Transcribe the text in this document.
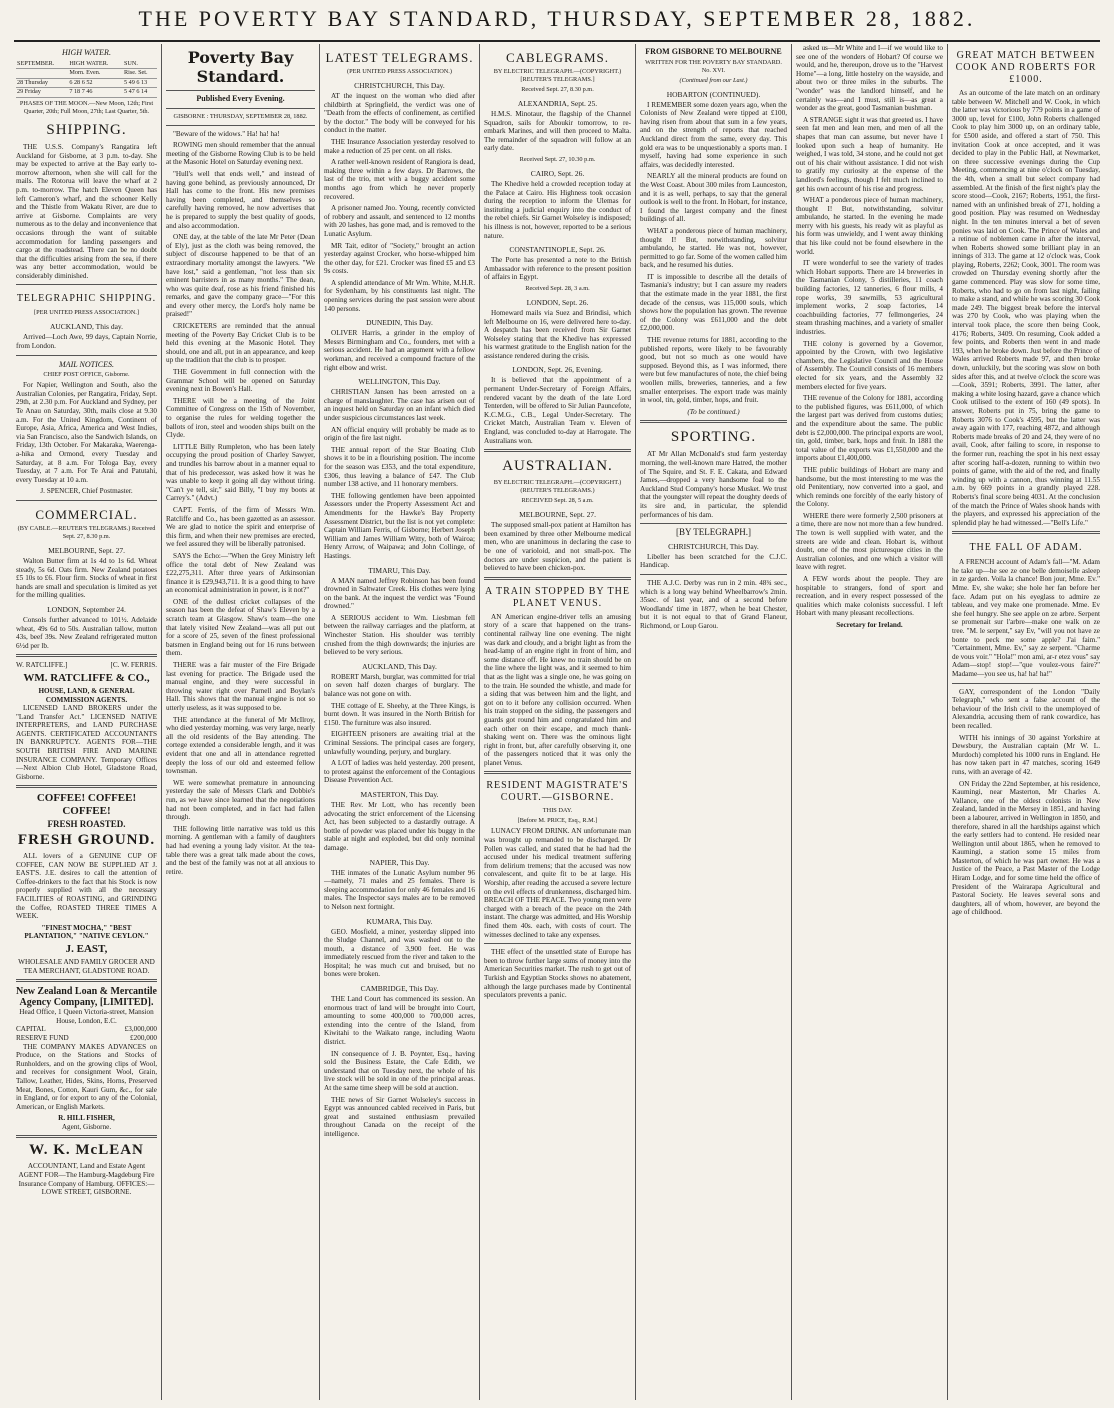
THE POVERTY BAY STANDARD, THURSDAY, SEPTEMBER 28, 1882.
HIGH WATER.
SEPTEMBER.	HIGH WATER.	SUN.
	Morn. Even.	Rise. Set.
28 Thursday	6 28 6 52	5 49 6 13
29 Friday	7 18 7 46	5 47 6 14
PHASES OF THE MOON.—New Moon, 12th; First Quarter, 20th; Full Moon, 27th; Last Quarter, 5th.
SHIPPING.

THE U.S.S. Company's Rangatira left Auckland for Gisborne, at 3 p.m. to-day. She may be expected to arrive at the Bay early to-morrow afternoon, when she will call for the mails. The Rotorua will leave the wharf at 2 p.m. to-morrow. The hatch Eleven Queen has left Cameron's wharf, and the schooner Kelly and the Thistle from Wakatu River, are due to arrive at Gisborne. Complaints are very numerous as to the delay and inconvenience that occasions through the want of suitable accommodation for landing passengers and cargo at the roadstead. There can be no doubt that the difficulties arising from the sea, if there was any better accommodation, would be considerably diminished.

TELEGRAPHIC SHIPPING.
[PER UNITED PRESS ASSOCIATION.]
AUCKLAND, This day.

Arrived—Loch Awe, 99 days, Captain Norrie, from London.

MAIL NOTICES.
CHIEF POST OFFICE, Gisborne.

For Napier, Wellington and South, also the Australian Colonies, per Rangatira, Friday, Sept. 29th, at 2.30 p.m. For Auckland and Sydney, per Te Anau on Saturday, 30th, mails close at 9.30 a.m. For the United Kingdom, Continent of Europe, Asia, Africa, America and West Indies, via San Francisco, also the Sandwich Islands, on Friday, 13th October. For Makaraka, Waerenga-a-hika and Ormond, every Tuesday and Saturday, at 8 a.m. For Tologa Bay, every Tuesday, at 7 a.m. For Te Arai and Patutahi, every Tuesday at 10 a.m.

J. SPENCER, Chief Postmaster.
COMMERCIAL.
(BY CABLE.—REUTER'S TELEGRAMS.) Received Sept. 27, 8.30 p.m.
MELBOURNE, Sept. 27.

Walton Butter firm at 1s 4d to 1s 6d. Wheat steady, 5s 6d. Oats firm. New Zealand potatoes £5 10s to £6. Flour firm. Stocks of wheat in first hands are small and speculation is limited as yet for the milling qualities.

LONDON, September 24.

Consols further advanced to 101½. Adelaide wheat, 49s 6d to 50s. Australian tallow, mutton 43s, beef 39s. New Zealand refrigerated mutton 6½d per lb.

W. RATCLIFFE.]	[C. W. FERRIS.
WM. RATCLIFFE & CO.,
HOUSE, LAND, & GENERAL COMMISSION AGENTS.

LICENSED LAND BROKERS under the "Land Transfer Act." LICENSED NATIVE INTERPRETERS, and LAND PURCHASE AGENTS. CERTIFICATED ACCOUNTANTS IN BANKRUPTCY. AGENTS FOR—THE SOUTH BRITISH FIRE AND MARINE INSURANCE COMPANY. Temporary Offices—Next Albion Club Hotel, Gladstone Road, Gisborne.

COFFEE! COFFEE! COFFEE!
FRESH ROASTED.
FRESH GROUND.

ALL lovers of a GENUINE CUP OF COFFEE, CAN NOW BE SUPPLIED AT J. EAST'S. J.E. desires to call the attention of Coffee-drinkers to the fact that his Stock is now properly supplied with all the necessary FACILITIES of ROASTING, and GRINDING the Coffee, ROASTED THREE TIMES A WEEK.

"FINEST MOCHA," "BEST PLANTATION," "NATIVE CEYLON."
J. EAST,
WHOLESALE AND FAMILY GROCER AND TEA MERCHANT, GLADSTONE ROAD.
New Zealand Loan & Mercantile Agency Company, [LIMITED].
Head Office, 1 Queen Victoria-street, Mansion House, London, E.C.
CAPITAL	£3,000,000
RESERVE FUND	£200,000

THE COMPANY MAKES ADVANCES on Produce, on the Stations and Stocks of Runholders, and on the growing clips of Wool, and receives for consignment Wool, Grain, Tallow, Leather, Hides, Skins, Horns, Preserved Meat, Bones, Cotton, Kauri Gum, &c., for sale in England, or for export to any of the Colonial, American, or English Markets.

R. HILL FISHER,
Agent, Gisborne.
W. K. McLEAN
ACCOUNTANT, Land and Estate Agent
AGENT FOR—The Hamburg-Magdeburg Fire Insurance Company of Hamburg. OFFICES:—LOWE STREET, GISBORNE.
Poverty Bay Standard.
Published Every Evening.
GISBORNE : THURSDAY, SEPTEMBER 28, 1882.

"Beware of the widows." Ha! ha! ha!

ROWING men should remember that the annual meeting of the Gisborne Rowing Club is to be held at the Masonic Hotel on Saturday evening next.

"Hull's well that ends well," and instead of having gone behind, as previously announced, Dr Hall has come to the front. His new premises having been completed, and themselves so carefully having removed, he now advertises that he is prepared to supply the best quality of goods, and also accommodation.

ONE day, at the table of the late Mr Peter (Dean of Ely), just as the cloth was being removed, the subject of discourse happened to be that of an extraordinary mortality amongst the lawyers. "We have lost," said a gentleman, "not less than six eminent barristers in as many months." The dean, who was quite deaf, rose as his friend finished his remarks, and gave the company grace—"For this and every other mercy, the Lord's holy name be praised!"

CRICKETERS are reminded that the annual meeting of the Poverty Bay Cricket Club is to be held this evening at the Masonic Hotel. They should, one and all, put in an appearance, and keep up the tradition that the club is to prosper.

THE Government in full connection with the Grammar School will be opened on Saturday evening next in Bowen's Hall.

THERE will be a meeting of the Joint Committee of Congress on the 15th of November, to organise the rules for welding together the ballots of iron, steel and wooden ships built on the Clyde.

LITTLE Billy Rumpleton, who has been lately occupying the proud position of Charley Sawyer, and trundles his barrow about in a manner equal to that of his predecessor, was asked how it was he was unable to keep it going all day without tiring. "Can't ye tell, sir," said Billy, "I buy my boots at Carrey's." (Advt.)

CAPT. Ferris, of the firm of Messrs Wm. Ratcliffe and Co., has been gazetted as an assessor. We are glad to notice the spirit and enterprise of this firm, and when their new premises are erected, we feel assured they will be liberally patronised.

SAYS the Echo:—"When the Grey Ministry left office the total debt of New Zealand was £22,275,311. After three years of Atkinsonian finance it is £29,943,711. It is a good thing to have an economical administration in power, is it not?"

ONE of the dullest cricket collapses of the season has been the defeat of Shaw's Eleven by a scratch team at Glasgow. Shaw's team—the one that lately visited New Zealand—was all put out for a score of 25, seven of the finest professional batsmen in England being out for 16 runs between them.

THERE was a fair muster of the Fire Brigade last evening for practice. The Brigade used the manual engine, and they were successful in throwing water right over Parnell and Boylan's Hall. This shows that the manual engine is not so utterly useless, as it was supposed to be.

THE attendance at the funeral of Mr McIlroy, who died yesterday morning, was very large, nearly all the old residents of the Bay attending. The cortege extended a considerable length, and it was evident that one and all in attendance regretted deeply the loss of our old and esteemed fellow townsman.

WE were somewhat premature in announcing yesterday the sale of Messrs Clark and Dobbie's run, as we have since learned that the negotiations had not been completed, and in fact had fallen through.

THE following little narrative was told us this morning. A gentleman with a family of daughters had had evening a young lady visitor. At the tea-table there was a great talk made about the cows, and the best of the family was not at all anxious to retire.

LATEST TELEGRAMS.
(PER UNITED PRESS ASSOCIATION.)
CHRISTCHURCH, This Day.

AT the inquest on the woman who died after childbirth at Springfield, the verdict was one of "Death from the effects of confinement, as certified by the doctor." The body will be conveyed for his conduct in the matter.

THE Insurance Association yesterday resolved to make a reduction of 25 per cent. on all risks.

A rather well-known resident of Rangiora is dead, making three within a few days. Dr Barrows, the last of the trio, met with a buggy accident some months ago from which he never properly recovered.

A prisoner named Jno. Young, recently convicted of robbery and assault, and sentenced to 12 months with 20 lashes, has gone mad, and is removed to the Lunatic Asylum.

MR Tait, editor of "Society," brought an action yesterday against Crocker, who horse-whipped him the other day, for £21. Crocker was fined £5 and £3 9s costs.

A splendid attendance of Mr Wm. White, M.H.R. for Sydenham, by his constituents last night. The opening services during the past session were about 140 persons.

DUNEDIN, This Day.

OLIVER Harris, a grinder in the employ of Messrs Birmingham and Co., founders, met with a serious accident. He had an argument with a fellow workman, and received a compound fracture of the right elbow and wrist.

WELLINGTON, This Day.

CHRISTIAN Jansen has been arrested on a charge of manslaughter. The case has arisen out of an inquest held on Saturday on an infant which died under suspicious circumstances last week.

AN official enquiry will probably be made as to origin of the fire last night.

THE annual report of the Star Boating Club shows it to be in a flourishing position. The income for the season was £353, and the total expenditure, £306, thus leaving a balance of £47. The Club number 138 active, and 11 honorary members.

THE following gentlemen have been appointed Assessors under the Property Assessment Act and Amendments for the Hawke's Bay Property Assessment District, but the list is not yet complete: Captain William Ferris, of Gisborne; Herbert Joseph William and James William Witty, both of Wairoa; Henry Arrow, of Waipawa; and John Collinge, of Hastings.

TIMARU, This Day.

A MAN named Jeffrey Robinson has been found drowned in Saltwater Creek. His clothes were lying on the bank. At the inquest the verdict was "Found drowned."

A SERIOUS accident to Wm. Liesbman fell between the railway carriages and the platform, at Winchester Station. His shoulder was terribly crushed from the thigh downwards; the injuries are believed to be very serious.

AUCKLAND, This Day.

ROBERT Marsh, burglar, was committed for trial on seven half dozen charges of burglary. The balance was not gone on with.

THE cottage of E. Sheehy, at the Three Kings, is burnt down. It was insured in the North British for £150. The furniture was also insured.

EIGHTEEN prisoners are awaiting trial at the Criminal Sessions. The principal cases are forgery, unlawfully wounding, perjury, and burglary.

A LOT of ladies was held yesterday. 200 present, to protest against the enforcement of the Contagious Disease Prevention Act.

MASTERTON, This Day.

THE Rev. Mr Lott, who has recently been advocating the strict enforcement of the Licensing Act, has been subjected to a dastardly outrage. A bottle of powder was placed under his buggy in the stable at night and exploded, but did only nominal damage.

NAPIER, This Day.

THE inmates of the Lunatic Asylum number 96—namely, 71 males and 25 females. There is sleeping accommodation for only 46 females and 16 males. The Inspector says males are to be removed to Nelson next fortnight.

KUMARA, This Day.

GEO. Mosfield, a miner, yesterday slipped into the Sludge Channel, and was washed out to the mouth, a distance of 3,900 feet. He was immediately rescued from the river and taken to the Hospital; he was much cut and bruised, but no bones were broken.

CAMBRIDGE, This Day.

THE Land Court has commenced its session. An enormous tract of land will be brought into Court, amounting to some 400,000 to 700,000 acres, extending into the centre of the Island, from Kiwitahi to the Waikato range, including Waotu district.

IN consequence of J. B. Poynter, Esq., having sold the Business Estate, the Cafe Edith, we understand that on Tuesday next, the whole of his live stock will be sold in one of the principal areas. At the same time sheep will be sold at auction.

THE news of Sir Garnet Wolseley's success in Egypt was announced cabled received in Paris, but great and sustained enthusiasm prevailed throughout Canada on the receipt of the intelligence.

CABLEGRAMS.
BY ELECTRIC TELEGRAPH.—(COPYRIGHT.) [REUTER'S TELEGRAMS.]
Received Sept. 27, 8.30 p.m.
ALEXANDRIA, Sept. 25.

H.M.S. Minotaur, the flagship of the Channel Squadron, sails for Aboukir tomorrow, to re-embark Marines, and will then proceed to Malta. The remainder of the squadron will follow at an early date.

Received Sept. 27, 10.30 p.m.
CAIRO, Sept. 26.

The Khedive held a crowded reception today at the Palace at Cairo. His Highness took occasion during the reception to inform the Ulemas for instituting a judicial enquiry into the conduct of the rebel chiefs. Sir Garnet Wolseley is indisposed; his illness is not, however, reported to be a serious nature.

CONSTANTINOPLE, Sept. 26.

The Porte has presented a note to the British Ambassador with reference to the present position of affairs in Egypt.

Received Sept. 28, 3 a.m.
LONDON, Sept. 26.

Homeward mails via Suez and Brindisi, which left Melbourne on 16, were delivered here to-day. A despatch has been received from Sir Garnet Wolseley stating that the Khedive has expressed his warmest gratitude to the English nation for the assistance rendered during the crisis.

LONDON, Sept. 26, Evening.

It is believed that the appointment of a permanent Under-Secretary of Foreign Affairs, rendered vacant by the death of the late Lord Tenterden, will be offered to Sir Julian Pauncefote, K.C.M.G., C.B., Legal Under-Secretary. The Cricket Match, Australian Team v. Eleven of England, was concluded to-day at Harrogate. The Australians won.

AUSTRALIAN.
BY ELECTRIC TELEGRAPH.—(COPYRIGHT.) (REUTER'S TELEGRAMS.)
RECEIVED Sept. 28, 5 a.m.
MELBOURNE, Sept. 27.

The supposed small-pox patient at Hamilton has been examined by three other Melbourne medical men, who are unanimous in declaring the case to be one of varioloid, and not small-pox. The doctors are under suspicion, and the patient is believed to have been chicken-pox.

A TRAIN STOPPED BY THE PLANET VENUS.

AN American engine-driver tells an amusing story of a scare that happened on the trans-continental railway line one evening. The night was dark and cloudy, and a bright light as from the head-lamp of an engine right in front of him, and some distance off. He knew no train should be on the line where the light was, and it seemed to him that as the light was a single one, he was going on to the train. He sounded the whistle, and made for a siding that was between him and the light, and got on to it before any collision occurred. When his train stopped on the siding, the passengers and guards got round him and congratulated him and each other on their escape, and much thank-shaking went on. There was the ominous light right in front, but, after carefully observing it, one of the passengers noticed that it was only the planet Venus.

RESIDENT MAGISTRATE'S COURT.—GISBORNE.
THIS DAY.
[Before M. PRICE, Esq., R.M.]

LUNACY FROM DRINK. AN unfortunate man was brought up remanded to be discharged. Dr Pollen was called, and stated that he had had the accused under his medical treatment suffering from delirium tremens; that the accused was now convalescent, and quite fit to be at large. His Worship, after reading the accused a severe lecture on the evil effects of drunkenness, discharged him. BREACH OF THE PEACE. Two young men were charged with a breach of the peace on the 24th instant. The charge was admitted, and His Worship fined them 40s. each, with costs of court. The witnesses declined to take any expenses.

THE effect of the unsettled state of Europe has been to throw further large sums of money into the American Securities market. The rush to get out of Turkish and Egyptian Stocks shows no abatement, although the large purchases made by Continental speculators prevents a panic.

FROM GISBORNE TO MELBOURNE
WRITTEN FOR THE POVERTY BAY STANDARD. No. XVI.
(Continued from our Last.)
HOBARTON (CONTINUED).

I REMEMBER some dozen years ago, when the Colonists of New Zealand were tipped at £100, having risen from about that sum in a few years, and on the strength of reports that reached Auckland direct from the same, every day. This gold era was to be unquestionably a sports man. I myself, having had some experience in such affairs, was decidedly interested.

NEARLY all the mineral products are found on the West Coast. About 300 miles from Launceston, and it is as well, perhaps, to say that the general outlook is well to the front. In Hobart, for instance, I found the largest company and the finest buildings of all.

WHAT a ponderous piece of human machinery, thought I! But, notwithstanding, solvitur ambulando, he started. He was not, however, permitted to go far. Some of the women called him back, and he resumed his duties.

IT is impossible to describe all the details of Tasmania's industry; but I can assure my readers that the estimate made in the year 1881, the first decade of the census, was 115,000 souls, which shows how the population has grown. The revenue of the Colony was £611,000 and the debt £2,000,000.

THE revenue returns for 1881, according to the published reports, were likely to be favourably good, but not so much as one would have supposed. Beyond this, as I was informed, there were but few manufactures of note, the chief being woollen mills, breweries, tanneries, and a few smaller enterprises. The export trade was mainly in wool, tin, gold, timber, hops, and fruit.

(To be continued.)
SPORTING.

AT Mr Allan McDonald's stud farm yesterday morning, the well-known mare Hatred, the mother of The Squire, and St. F. E. Cakata, and Edward James,—dropped a very handsome foal to the Auckland Stud Company's horse Musket. We trust that the youngster will repeat the doughty deeds of its sire and, in particular, the splendid performances of his dam.

[BY TELEGRAPH.]
CHRISTCHURCH, This Day.

Libeller has been scratched for the C.J.C. Handicap.

THE A.J.C. Derby was run in 2 min. 48¾ sec., which is a long way behind Wheelbarrow's 2min. 35sec. of last year, and of a second before Woodlands' time in 1877, when he beat Chester, but it is not equal to that of Grand Flaneur, Richmond, or Loup Garou.

asked us—Mr White and I—if we would like to see one of the wonders of Hobart? Of course we would, and he, thereupon, drove us to the "Harvest Home"—a long, little hostelry on the wayside, and about two or three miles in the suburbs. The "wonder" was the landlord himself, and he certainly was—and I must, still is—as great a wonder as the great, good Tasmanian bushman.

A STRANGE sight it was that greeted us. I have seen fat men and lean men, and men of all the shapes that man can assume, but never have I looked upon such a heap of humanity. He weighed, I was told, 34 stone, and he could not get out of his chair without assistance. I did not wish to gratify my curiosity at the expense of the landlord's feelings, though I felt much inclined to get his own account of his rise and progress.

WHAT a ponderous piece of human machinery, thought I! But, notwithstanding, solvitur ambulando, he started. In the evening he made merry with his guests, his ready wit as playful as his form was unwieldy, and I went away thinking that his like could not be found elsewhere in the world.

IT were wonderful to see the variety of trades which Hobart supports. There are 14 breweries in the Tasmanian Colony, 5 distilleries, 11 coach building factories, 12 tanneries, 6 flour mills, 4 rope works, 39 sawmills, 53 agricultural implement works, 2 soap factories, 14 coachbuilding factories, 77 fellmongeries, 24 steam thrashing machines, and a variety of smaller industries.

THE colony is governed by a Governor, appointed by the Crown, with two legislative chambers, the Legislative Council and the House of Assembly. The Council consists of 16 members elected for six years, and the Assembly 32 members elected for five years.

THE revenue of the Colony for 1881, according to the published figures, was £611,000, of which the largest part was derived from customs duties; and the expenditure about the same. The public debt is £2,000,000. The principal exports are wool, tin, gold, timber, bark, hops and fruit. In 1881 the total value of the exports was £1,550,000 and the imports about £1,400,000.

THE public buildings of Hobart are many and handsome, but the most interesting to me was the old Penitentiary, now converted into a gaol, and which reminds one forcibly of the early history of the Colony.

WHERE there were formerly 2,500 prisoners at a time, there are now not more than a few hundred. The town is well supplied with water, and the streets are wide and clean. Hobart is, without doubt, one of the most picturesque cities in the Australian colonies, and one which a visitor will leave with regret.

A FEW words about the people. They are hospitable to strangers, fond of sport and recreation, and in every respect possessed of the qualities which make colonists successful. I left Hobart with many pleasant recollections.

Secretary for Ireland.
GREAT MATCH BETWEEN COOK AND ROBERTS FOR £1000.

As an outcome of the late match on an ordinary table between W. Mitchell and W. Cook, in which the latter was victorious by 779 points in a game of 3000 up, level for £100, John Roberts challenged Cook to play him 3000 up, on an ordinary table, for £500 aside, and offered a start of 750. This invitation Cook at once accepted, and it was decided to play in the Public Hall, at Newmarket, on three successive evenings during the Cup Meeting, commencing at nine o'clock on Tuesday, the 4th, when a small but select company had assembled. At the finish of the first night's play the score stood—Cook, 2167; Roberts, 1951, the first-named with an unfinished break of 271, holding a good position. Play was resumed on Wednesday night. In the ten minutes interval a bet of seven ponies was laid on Cook. The Prince of Wales and a retinue of noblemen came in after the interval, when Roberts showed some brilliant play in an innings of 313. The game at 12 o'clock was, Cook playing, Roberts, 2262; Cook, 3001. The room was crowded on Thursday evening shortly after the game commenced. Play was slow for some time, Roberts, who had to go on from last night, failing to make a stand, and while he was scoring 30 Cook made 249. The biggest break before the interval was 270 by Cook, who was playing when the interval took place, the score then being Cook, 4176; Roberts, 3409. On resuming, Cook added a few points, and Roberts then went in and made 193, when he broke down. Just before the Prince of Wales arrived Roberts made 97, and then broke down, unluckily, but the scoring was slow on both sides after this, and at twelve o'clock the score was—Cook, 3591; Roberts, 3991. The latter, after making a white losing hazard, gave a chance which Cook utilised to the extent of 160 (49 spots). In answer, Roberts put in 75, bring the game to Roberts 3076 to Cook's 4595, but the latter was away again with 177, reaching 4872, and although Roberts made breaks of 20 and 24, they were of no avail, Cook, after failing to score, in response to the former run, reaching the spot in his next essay after scoring half-a-dozen, running to within two points of game, with the aid of the red, and finally winding up with a cannon, thus winning at 11.55 a.m. by 669 points in a grandly played 228. Roberts's final score being 4031. At the conclusion of the match the Prince of Wales shook hands with the players, and expressed his appreciation of the splendid play he had witnessed.—"Bell's Life."

THE FALL OF ADAM.

A FRENCH account of Adam's fall—"M. Adam he take up—he see ze one belle demoiselle asleep in ze garden. Voila la chance! Bon jour, Mme. Ev." Mme. Ev, she wake; she hole her fan before her face. Adam put on his eyeglass to admire ze tableau, and vey make one promenade. Mme. Ev she feel hungry. She see apple on ze arbre. Serpent se promenait sur l'arbre—make one walk on ze tree. "M. le serpent," say Ev, "will you not have ze bonte to peck me some apple? J'ai faim." "Certainment, Mme. Ev," say ze serpent. "Charme de vous voir." "Hola!" mon ami, ar-r etez vous" say Adam—stop! stop!—"que voulez-vous faire?" Madame—you see us, ha! ha! ha!"

GAY, correspondent of the London "Daily Telegraph," who sent a false account of the behaviour of the Irish civil to the unemployed of Alexandria, accusing them of rank cowardice, has been recalled.

WITH his innings of 30 against Yorkshire at Dewsbury, the Australian captain (Mr W. L. Murdoch) completed his 1000 runs in England. He has now taken part in 47 matches, scoring 1649 runs, with an average of 42.

ON Friday the 22nd September, at his residence, Kaumingi, near Masterton, Mr Charles A. Vallance, one of the oldest colonists in New Zealand, landed in the Mersey in 1851, and having been a labourer, arrived in Wellington in 1850, and therefore, shared in all the hardships against which the early settlers had to contend. He resided near Wellington until about 1865, when he removed to Kaumingi, a station some 15 miles from Masterton, of which he was part owner. He was a Justice of the Peace, a Past Master of the Lodge Hiram Lodge, and for some time held the office of President of the Wairarapa Agricultural and Pastoral Society. He leaves several sons and daughters, all of whom, however, are beyond the age of childhood.
